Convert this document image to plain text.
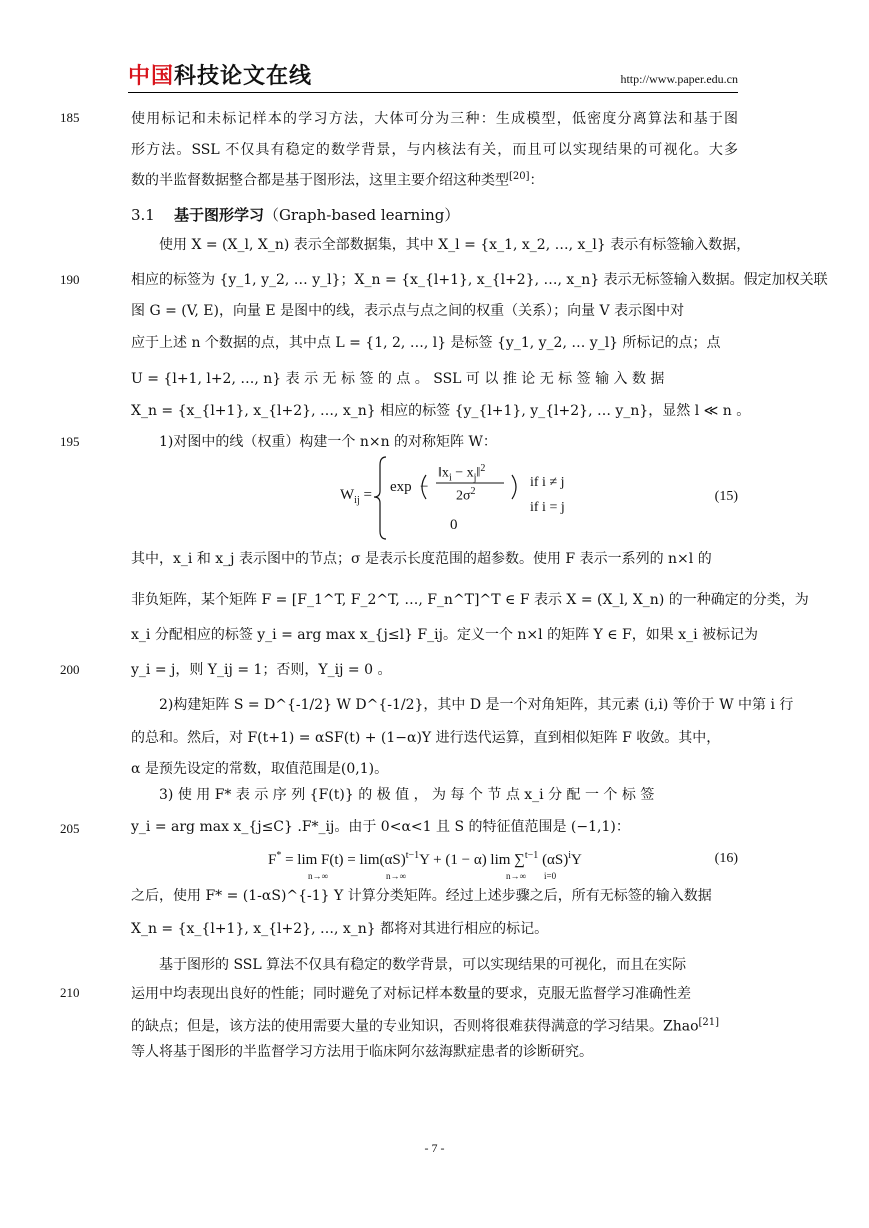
中国科技论文在线	http://www.paper.edu.cn
185
190
195
200
205
210
使用标记和未标记样本的学习方法，大体可分为三种：生成模型，低密度分离算法和基于图
形方法。SSL 不仅具有稳定的数学背景，与内核法有关，而且可以实现结果的可视化。大多
数的半监督数据整合都是基于图形法，这里主要介绍这种类型[20]：
3.1 基于图形学习（Graph-based learning）
使用 X = (X_l, X_n) 表示全部数据集，其中 X_l = {x_1, x_2, …, x_l} 表示有标签输入数据，
相应的标签为 {y_1, y_2, … y_l}；X_n = {x_{l+1}, x_{l+2}, …, x_n} 表示无标签输入数据。假定加权关联
图 G = (V, E)，向量 E 是图中的线，表示点与点之间的权重（关系）；向量 V 表示图中对
应于上述 n 个数据的点，其中点 L = {1, 2, …, l} 是标签 {y_1, y_2, … y_l} 所标记的点；点
U = {l+1, l+2, …, n} 表 示 无 标 签 的 点 。 SSL 可 以 推 论 无 标 签 输 入 数 据
X_n = {x_{l+1}, x_{l+2}, …, x_n} 相应的标签 {y_{l+1}, y_{l+2}, … y_n}，显然 l ≪ n 。
1)对图中的线（权重）构建一个 n×n 的对称矩阵 W：
$W_{ij} = \exp$ −
$‖x_i$ − $x_j‖^2$
$2\sigma^2$
if i ≠ j
if i = j
0
(15)
其中，x_i 和 x_j 表示图中的节点；σ 是表示长度范围的超参数。使用 F 表示一系列的 n×l 的
非负矩阵，某个矩阵 F = [F_1^T, F_2^T, …, F_n^T]^T ∈ F 表示 X = (X_l, X_n) 的一种确定的分类，为
x_i 分配相应的标签 y_i = arg max x_{j≤l} F_ij。定义一个 n×l 的矩阵 Y ∈ F，如果 x_i 被标记为
y_i = j，则 Y_ij = 1；否则，Y_ij = 0 。
2)构建矩阵 S = D^{-1/2} W D^{-1/2}，其中 D 是一个对角矩阵，其元素 (i,i) 等价于 W 中第 i 行
的总和。然后，对 F(t+1) = αSF(t) + (1−α)Y 进行迭代运算，直到相似矩阵 F 收敛。其中，
α 是预先设定的常数，取值范围是(0,1)。
3) 使 用 F* 表 示 序 列 {F(t)} 的 极 值 ， 为 每 个 节 点 x_i 分 配 一 个 标 签
y_i = arg max x_{j≤C} .F*_ij。由于 0<α<1 且 S 的特征值范围是 (−1,1)：
$F^* = \lim F(t) = \lim(\alpha S)^{t-1}Y + (1 - \alpha)$ lim ∑$^{t-1}$ $(\alpha S)^iY$
n→∞	n→∞	n→∞ i=0
(16)
之后，使用 F* = (1-αS)^{-1} Y 计算分类矩阵。经过上述步骤之后，所有无标签的输入数据
X_n = {x_{l+1}, x_{l+2}, …, x_n} 都将对其进行相应的标记。
基于图形的 SSL 算法不仅具有稳定的数学背景，可以实现结果的可视化，而且在实际
运用中均表现出良好的性能；同时避免了对标记样本数量的要求，克服无监督学习准确性差
的缺点；但是，该方法的使用需要大量的专业知识，否则将很难获得满意的学习结果。Zhao[21]
等人将基于图形的半监督学习方法用于临床阿尔兹海默症患者的诊断研究。
- 7 -
